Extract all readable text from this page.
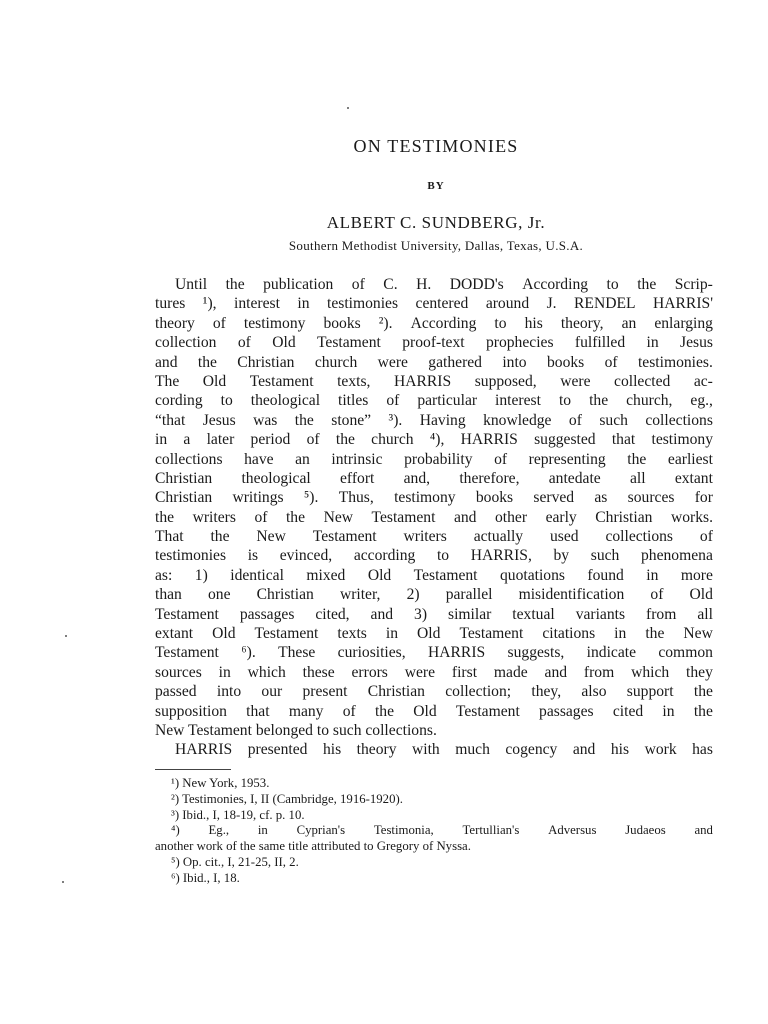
ON TESTIMONIES
BY
ALBERT C. SUNDBERG, Jr.
Southern Methodist University, Dallas, Texas, U.S.A.
Until the publication of C. H. DODD's According to the Scrip-
tures ¹), interest in testimonies centered around J. RENDEL HARRIS'
theory of testimony books ²). According to his theory, an enlarging
collection of Old Testament proof-text prophecies fulfilled in Jesus
and the Christian church were gathered into books of testimonies.
The Old Testament texts, HARRIS supposed, were collected ac-
cording to theological titles of particular interest to the church, eg.,
“that Jesus was the stone” ³). Having knowledge of such collections
in a later period of the church ⁴), HARRIS suggested that testimony
collections have an intrinsic probability of representing the earliest
Christian theological effort and, therefore, antedate all extant
Christian writings ⁵). Thus, testimony books served as sources for
the writers of the New Testament and other early Christian works.
That the New Testament writers actually used collections of
testimonies is evinced, according to HARRIS, by such phenomena
as: 1) identical mixed Old Testament quotations found in more
than one Christian writer, 2) parallel misidentification of Old
Testament passages cited, and 3) similar textual variants from all
extant Old Testament texts in Old Testament citations in the New
Testament ⁶). These curiosities, HARRIS suggests, indicate common
sources in which these errors were first made and from which they
passed into our present Christian collection; they, also support the
supposition that many of the Old Testament passages cited in the
New Testament belonged to such collections.
HARRIS presented his theory with much cogency and his work has
¹) New York, 1953.
²) Testimonies, I, II (Cambridge, 1916-1920).
³) Ibid., I, 18-19, cf. p. 10.
⁴) Eg., in Cyprian's Testimonia, Tertullian's Adversus Judaeos and
another work of the same title attributed to Gregory of Nyssa.
⁵) Op. cit., I, 21-25, II, 2.
⁶) Ibid., I, 18.
